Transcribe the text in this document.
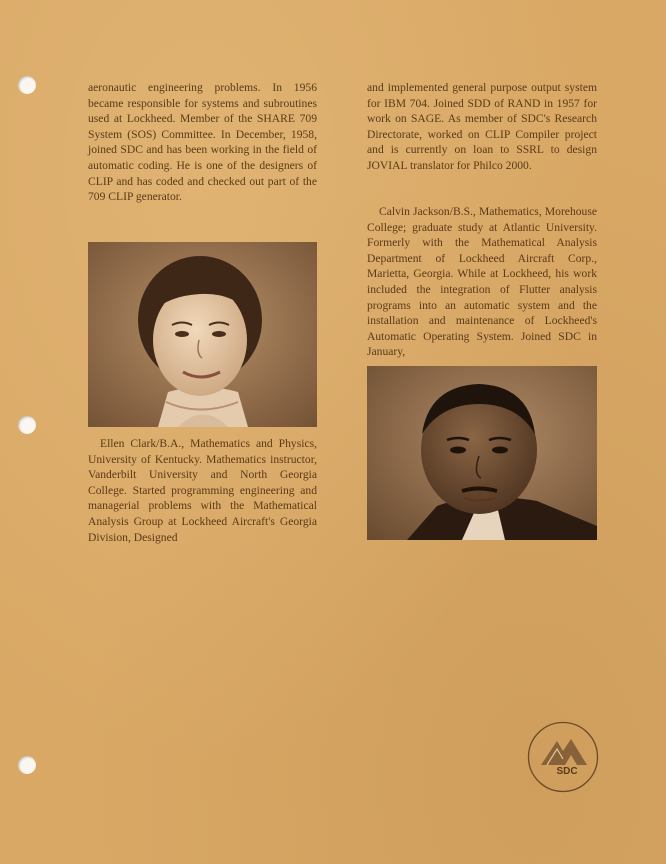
aeronautic engineering problems. In 1956 became responsible for systems and subroutines used at Lockheed. Member of the SHARE 709 System (SOS) Committee. In December, 1958, joined SDC and has been working in the field of automatic coding. He is one of the designers of CLIP and has coded and checked out part of the 709 CLIP generator.

Ellen Clark/B.A., Mathematics and Physics, University of Kentucky. Mathematics instructor, Vanderbilt University and North Georgia College. Started programming engineering and managerial problems with the Mathematical Analysis Group at Lockheed Aircraft's Georgia Division, Designed

and implemented general purpose output system for IBM 704. Joined SDD of RAND in 1957 for work on SAGE. As member of SDC's Research Directorate, worked on CLIP Compiler project and is currently on loan to SSRL to design JOVIAL translator for Philco 2000.

Calvin Jackson/B.S., Mathematics, Morehouse College; graduate study at Atlantic University. Formerly with the Mathematical Analysis Department of Lockheed Aircraft Corp., Marietta, Georgia. While at Lockheed, his work included the integration of Flutter analysis programs into an automatic system and the installation and maintenance of Lockheed's Automatic Operating System. Joined SDC in January,

SDC
